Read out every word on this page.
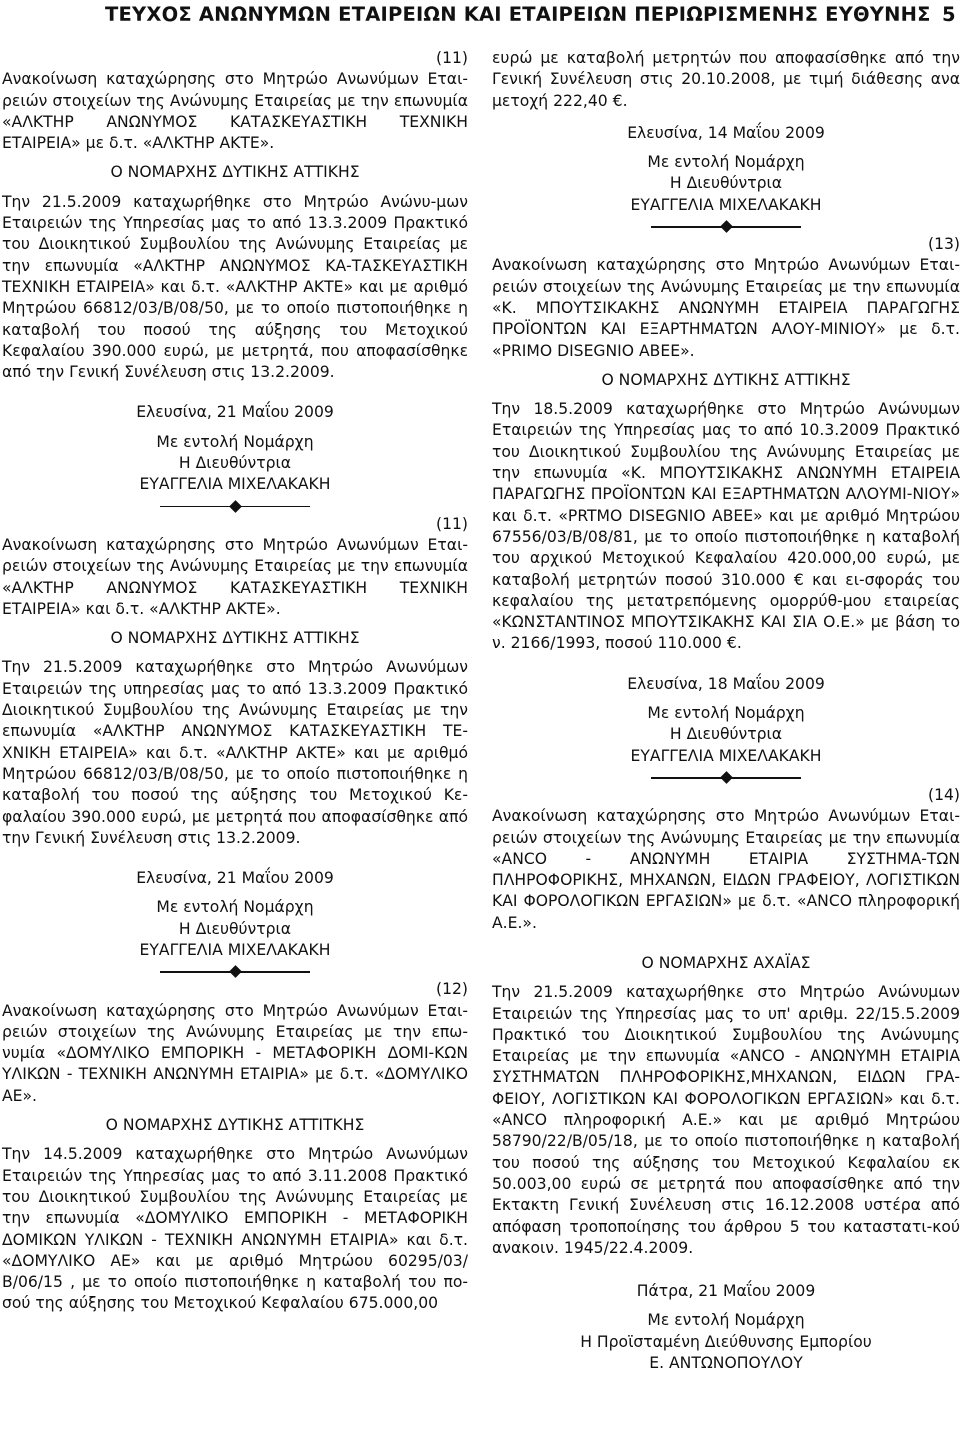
ΤΕΥΧΟΣ ΑΝΩΝΥΜΩΝ ΕΤΑΙΡΕΙΩΝ ΚΑΙ ΕΤΑΙΡΕΙΩΝ ΠΕΡΙΩΡΙΣΜΕΝΗΣ ΕΥΘΥΝΗΣ 5

(11)

Ανακοίνωση καταχώρησης στο Μητρώο Ανωνύμων Εται-ρειών στοιχείων της Ανώνυμης Εταιρείας με την επωνυμία «ΑΛΚΤΗΡ ΑΝΩΝΥΜΟΣ ΚΑΤΑΣΚΕΥΑΣΤΙΚΗ ΤΕΧΝΙΚΗ ΕΤΑΙΡΕΙΑ» με δ.τ. «ΑΛΚΤΗΡ ΑΚΤΕ».

Ο ΝΟΜΑΡΧΗΣ ΔΥΤΙΚΗΣ ΑΤΤΙΚΗΣ

Την 21.5.2009 καταχωρήθηκε στο Μητρώο Ανώνυ-μων Εταιρειών της Υπηρεσίας μας το από 13.3.2009 Πρακτικό του Διοικητικού Συμβουλίου της Ανώνυμης Εταιρείας με την επωνυμία «ΑΛΚΤΗΡ ΑΝΩΝΥΜΟΣ ΚΑ-ΤΑΣΚΕΥΑΣΤΙΚΗ ΤΕΧΝΙΚΗ ΕΤΑΙΡΕΙΑ» και δ.τ. «ΑΛΚΤΗΡ ΑΚΤΕ» και με αριθμό Μητρώου 66812/03/Β/08/50, με το οποίο πιστοποιήθηκε η καταβολή του ποσού της αύξησης του Μετοχικού Κεφαλαίου 390.000 ευρώ, με μετρητά, που αποφασίσθηκε από την Γενική Συνέλευση στις 13.2.2009.

Ελευσίνα, 21 Μαΐου 2009

Με εντολή Νομάρχη

Η Διευθύντρια

ΕΥΑΓΓΕΛΙΑ ΜΙΧΕΛΑΚΑΚΗ

(11)

Ανακοίνωση καταχώρησης στο Μητρώο Ανωνύμων Εται-ρειών στοιχείων της Ανώνυμης Εταιρείας με την επωνυμία «ΑΛΚΤΗΡ ΑΝΩΝΥΜΟΣ ΚΑΤΑΣΚΕΥΑΣΤΙΚΗ ΤΕΧΝΙΚΗ ΕΤΑΙΡΕΙΑ» και δ.τ. «ΑΛΚΤΗΡ ΑΚΤΕ».

Ο ΝΟΜΑΡΧΗΣ ΔΥΤΙΚΗΣ ΑΤΤΙΚΗΣ

Την 21.5.2009 καταχωρήθηκε στο Μητρώο Ανωνύμων Εταιρειών της υπηρεσίας μας το από 13.3.2009 Πρακτικό Διοικητικού Συμβουλίου της Ανώνυμης Εταιρείας με την επωνυμία «ΑΛΚΤΗΡ ΑΝΩΝΥΜΟΣ ΚΑΤΑΣΚΕΥΑΣΤΙΚΗ ΤΕ-ΧΝΙΚΗ ΕΤΑΙΡΕΙΑ» και δ.τ. «ΑΛΚΤΗΡ ΑΚΤΕ» και με αριθμό Μητρώου 66812/03/Β/08/50, με το οποίο πιστοποιήθηκε η καταβολή του ποσού της αύξησης του Μετοχικού Κε-φαλαίου 390.000 ευρώ, με μετρητά που αποφασίσθηκε από την Γενική Συνέλευση στις 13.2.2009.

Ελευσίνα, 21 Μαΐου 2009

Με εντολή Νομάρχη

Η Διευθύντρια

ΕΥΑΓΓΕΛΙΑ ΜΙΧΕΛΑΚΑΚΗ

(12)

Ανακοίνωση καταχώρησης στο Μητρώο Ανωνύμων Εται-ρειών στοιχείων της Ανώνυμης Εταιρείας με την επω-νυμία «ΔΟΜΥΛΙΚΟ ΕΜΠΟΡΙΚΗ - ΜΕΤΑΦΟΡΙΚΗ ΔΟΜΙ-ΚΩΝ ΥΛΙΚΩΝ - ΤΕΧΝΙΚΗ ΑΝΩΝΥΜΗ ΕΤΑΙΡΙΑ» με δ.τ. «ΔΟΜΥΛΙΚΟ ΑΕ».

Ο ΝΟΜΑΡΧΗΣ ΔΥΤΙΚΗΣ ΑΤΤΙΤΚΗΣ

Την 14.5.2009 καταχωρήθηκε στο Μητρώο Ανωνύμων Εταιρειών της Υπηρεσίας μας το από 3.11.2008 Πρακτικό του Διοικητικού Συμβουλίου της Ανώνυμης Εταιρείας με την επωνυμία «ΔΟΜΥΛΙΚΟ ΕΜΠΟΡΙΚΗ - ΜΕΤΑΦΟΡΙΚΗ ΔΟΜΙΚΩΝ ΥΛΙΚΩΝ - ΤΕΧΝΙΚΗ ΑΝΩΝΥΜΗ ΕΤΑΙΡΙΑ» και δ.τ. «ΔΟΜΥΛΙΚΟ ΑΕ» και με αριθμό Μητρώου 60295/03/ Β/06/15 , με το οποίο πιστοποιήθηκε η καταβολή του πο-σού της αύξησης του Μετοχικού Κεφαλαίου 675.000,00

ευρώ με καταβολή μετρητών που αποφασίσθηκε από την Γενική Συνέλευση στις 20.10.2008, με τιμή διάθεσης ανα μετοχή 222,40 €.

Ελευσίνα, 14 Μαΐου 2009

Με εντολή Νομάρχη

Η Διευθύντρια

ΕΥΑΓΓΕΛΙΑ ΜΙΧΕΛΑΚΑΚΗ

(13)

Ανακοίνωση καταχώρησης στο Μητρώο Ανωνύμων Εται-ρειών στοιχείων της Ανώνυμης Εταιρείας με την επωνυμία «Κ. ΜΠΟΥΤΣΙΚΑΚΗΣ ΑΝΩΝΥΜΗ ΕΤΑΙΡΕΙΑ ΠΑΡΑΓΩΓΗΣ ΠΡΟΪΟΝΤΩΝ ΚΑΙ ΕΞΑΡΤΗΜΑΤΩΝ ΑΛΟΥ-ΜΙΝΙΟΥ» με δ.τ. «PRIMO DISEGNIO ΑΒΕΕ».

Ο ΝΟΜΑΡΧΗΣ ΔΥΤΙΚΗΣ ΑΤΤΙΚΗΣ

Την 18.5.2009 καταχωρήθηκε στο Μητρώο Ανώνυμων Εταιρειών της Υπηρεσίας μας το από 10.3.2009 Πρακτικό του Διοικητικού Συμβουλίου της Ανώνυμης Εταιρείας με την επωνυμία «Κ. ΜΠΟΥΤΣΙΚΑΚΗΣ ΑΝΩΝΥΜΗ ΕΤΑΙΡΕΙΑ ΠΑΡΑΓΩΓΗΣ ΠΡΟΪΟΝΤΩΝ ΚΑΙ ΕΞΑΡΤΗΜΑΤΩΝ ΑΛΟΥΜΙ-ΝΙΟΥ» και δ.τ. «PRTMO DISEGNIO ΑΒΕΕ» και με αριθμό Μητρώου 67556/03/Β/08/81, με το οποίο πιστοποιήθηκε η καταβολή του αρχικού Μετοχικού Κεφαλαίου 420.000,00 ευρώ, με καταβολή μετρητών ποσού 310.000 € και ει-σφοράς του κεφαλαίου της μετατρεπόμενης ομορρύθ-μου εταιρείας «ΚΩΝΣΤΑΝΤΙΝΟΣ ΜΠΟΥΤΣΙΚΑΚΗΣ ΚΑΙ ΣΙΑ Ο.Ε.» με βάση το ν. 2166/1993, ποσού 110.000 €.

Ελευσίνα, 18 Μαΐου 2009

Με εντολή Νομάρχη

Η Διευθύντρια

ΕΥΑΓΓΕΛΙΑ ΜΙΧΕΛΑΚΑΚΗ

(14)

Ανακοίνωση καταχώρησης στο Μητρώο Ανωνύμων Εται-ρειών στοιχείων της Ανώνυμης Εταιρείας με την επωνυμία «ANCO - ΑΝΩΝΥΜΗ ΕΤΑΙΡΙΑ ΣΥΣΤΗΜΑ-ΤΩΝ ΠΛΗΡΟΦΟΡΙΚΗΣ, ΜΗΧΑΝΩΝ, ΕΙΔΩΝ ΓΡΑΦΕΙΟΥ, ΛΟΓΙΣΤΙΚΩΝ ΚΑΙ ΦΟΡΟΛΟΓΙΚΩΝ ΕΡΓΑΣΙΩΝ» με δ.τ. «ANCO πληροφορική Α.Ε.».

Ο ΝΟΜΑΡΧΗΣ ΑΧΑΪΑΣ

Την 21.5.2009 καταχωρήθηκε στο Μητρώο Ανώνυμων Εταιρειών της Υπηρεσίας μας το υπ' αριθμ. 22/15.5.2009 Πρακτικό του Διοικητικού Συμβουλίου της Ανώνυμης Εταιρείας με την επωνυμία «ANCO - ΑΝΩΝΥΜΗ ΕΤΑΙΡΙΑ ΣΥΣΤΗΜΑΤΩΝ ΠΛΗΡΟΦΟΡΙΚΗΣ,ΜΗΧΑΝΩΝ, ΕΙΔΩΝ ΓΡΑ-ΦΕΙΟΥ, ΛΟΓΙΣΤΙΚΩΝ ΚΑΙ ΦΟΡΟΛΟΓΙΚΩΝ ΕΡΓΑΣΙΩΝ» και δ.τ. «ANCO πληροφορική Α.Ε.» και με αριθμό Μητρώου 58790/22/Β/05/18, με το οποίο πιστοποιήθηκε η καταβολή του ποσού της αύξησης του Μετοχικού Κεφαλαίου εκ 50.003,00 ευρώ σε μετρητά που αποφασίσθηκε από την Εκτακτη Γενική Συνέλευση στις 16.12.2008 υστέρα από απόφαση τροποποίησης του άρθρου 5 του καταστατι-κού ανακοιν. 1945/22.4.2009.

Πάτρα, 21 Μαΐου 2009

Με εντολή Νομάρχη

Η Προϊσταμένη Διεύθυνσης Εμπορίου

Ε. ΑΝΤΩΝΟΠΟΥΛΟΥ
